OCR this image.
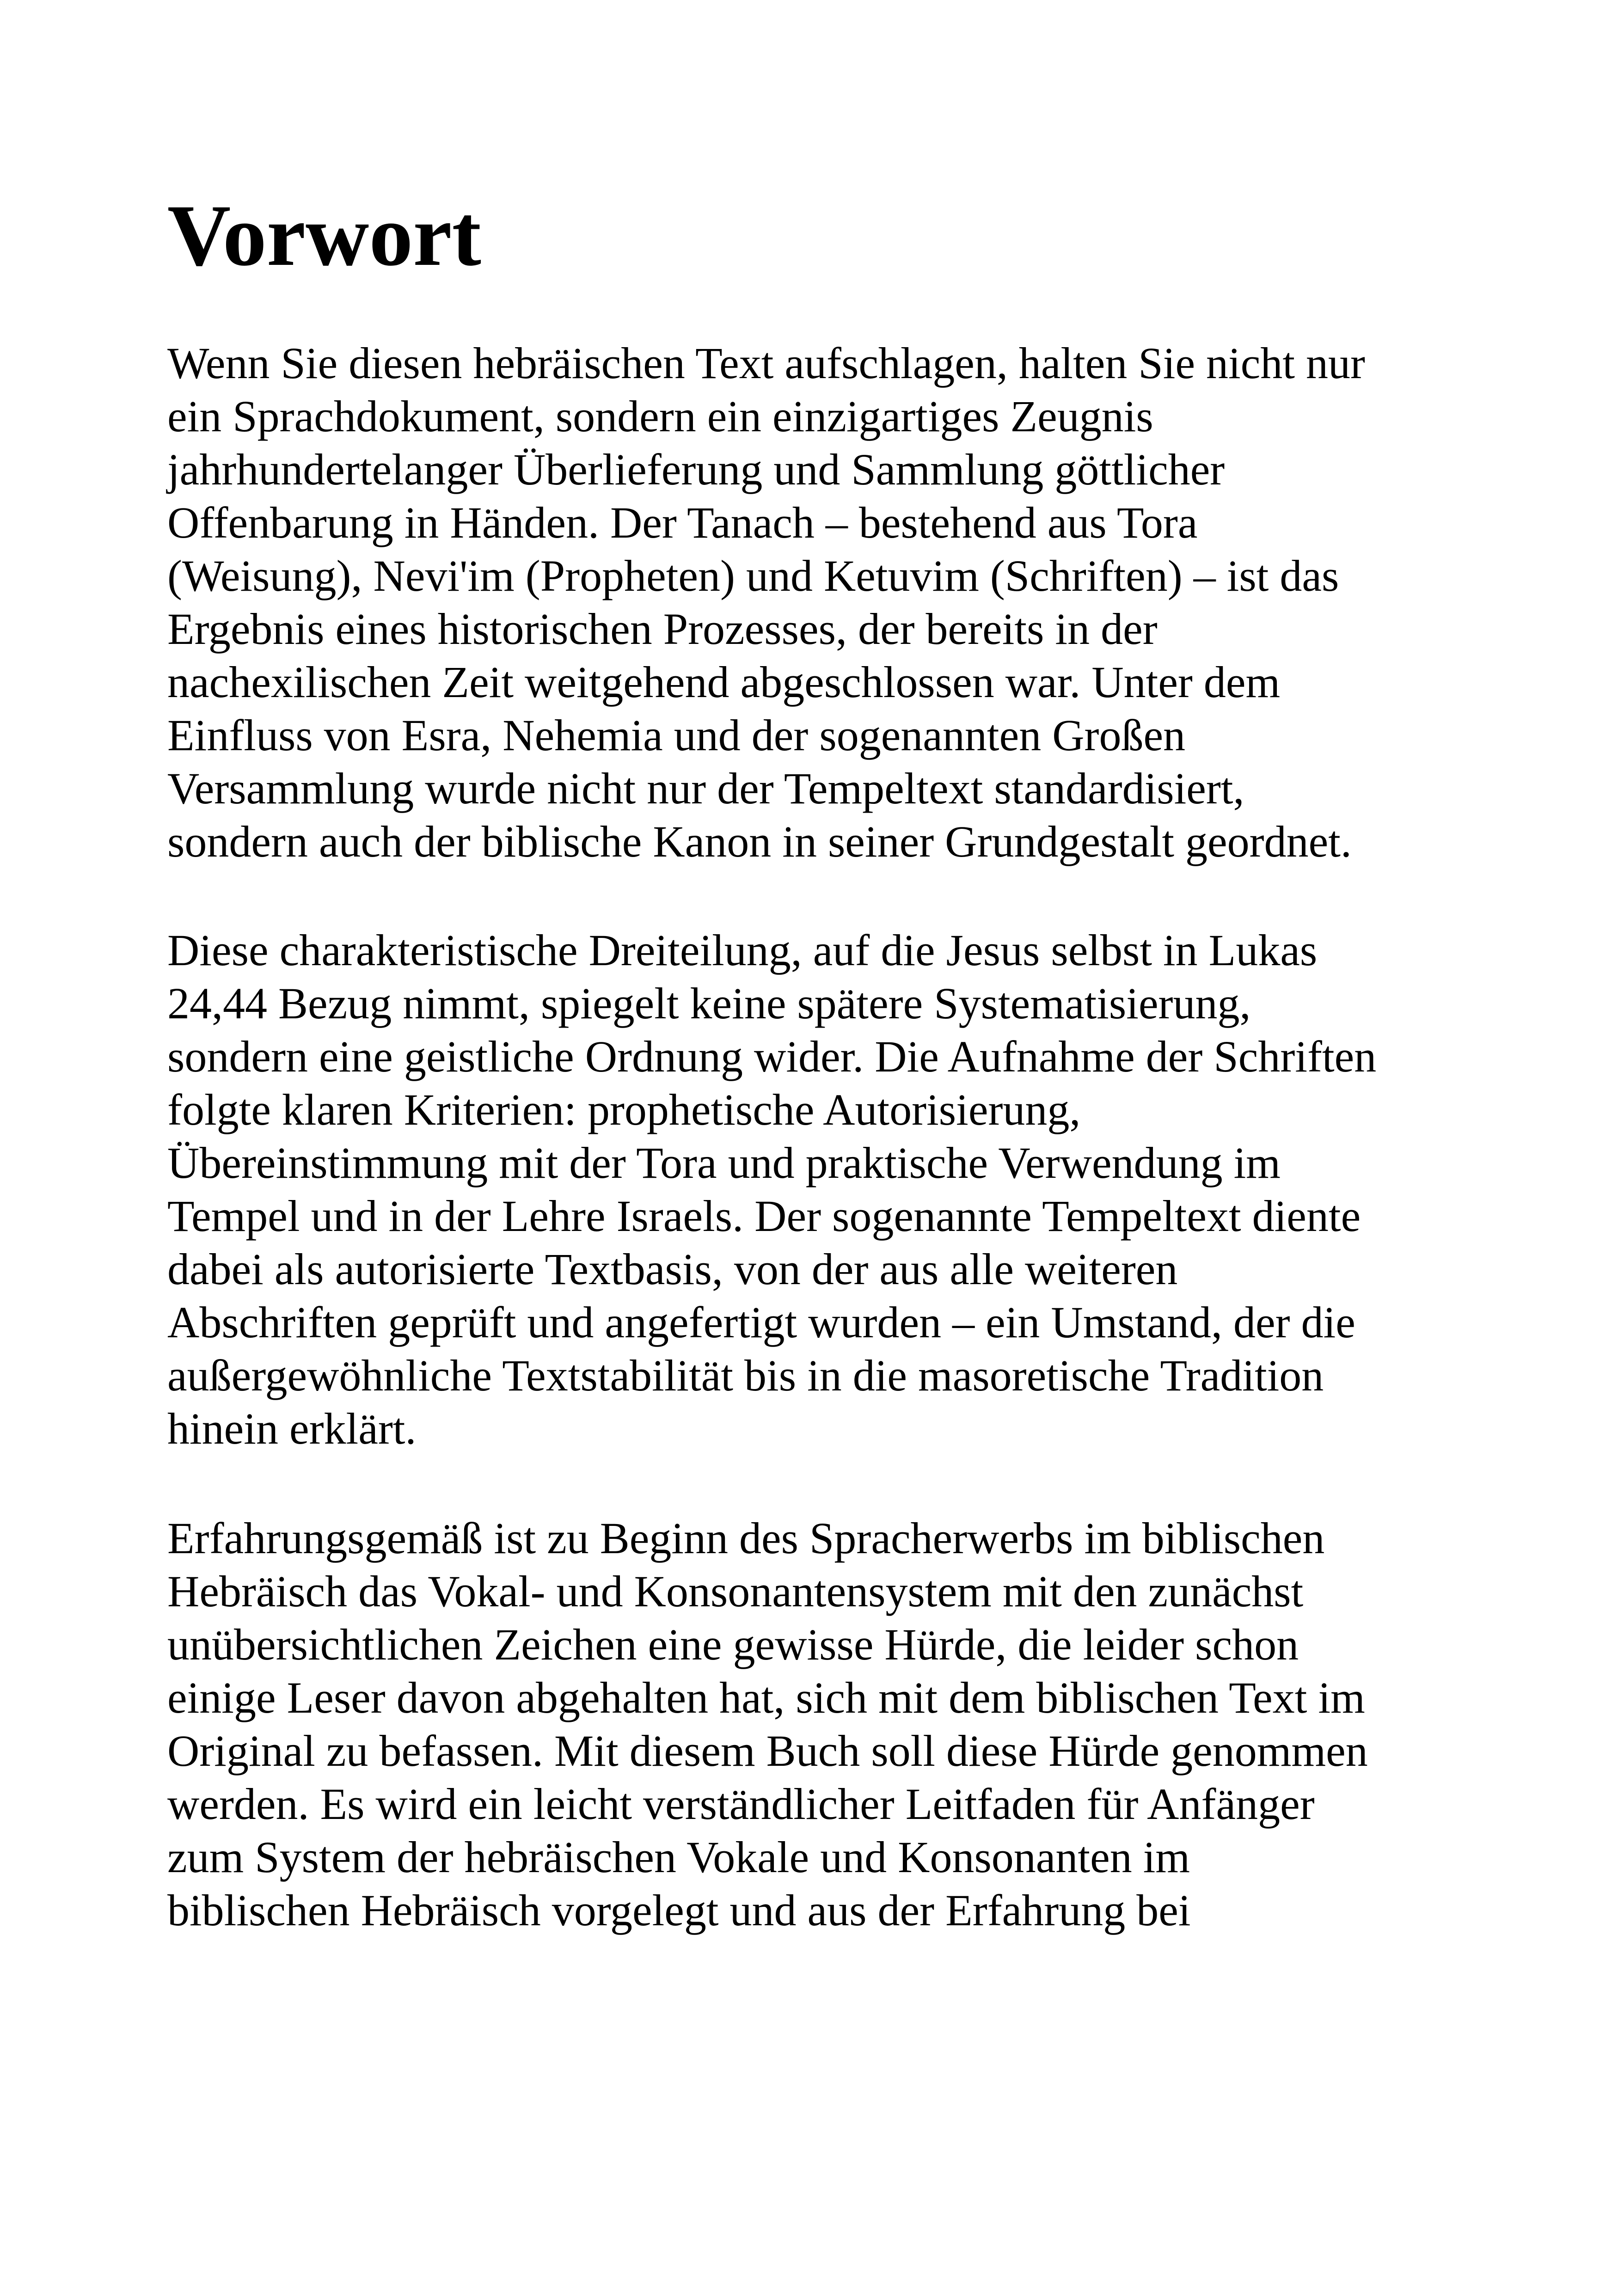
Vorwort

Wenn Sie diesen hebräischen Text aufschlagen, halten Sie nicht nur
ein Sprachdokument, sondern ein einzigartiges Zeugnis
jahrhundertelanger Überlieferung und Sammlung göttlicher
Offenbarung in Händen. Der Tanach – bestehend aus Tora
(Weisung), Nevi'im (Propheten) und Ketuvim (Schriften) – ist das
Ergebnis eines historischen Prozesses, der bereits in der
nachexilischen Zeit weitgehend abgeschlossen war. Unter dem
Einfluss von Esra, Nehemia und der sogenannten Großen
Versammlung wurde nicht nur der Tempeltext standardisiert,
sondern auch der biblische Kanon in seiner Grundgestalt geordnet.

Diese charakteristische Dreiteilung, auf die Jesus selbst in Lukas
24,44 Bezug nimmt, spiegelt keine spätere Systematisierung,
sondern eine geistliche Ordnung wider. Die Aufnahme der Schriften
folgte klaren Kriterien: prophetische Autorisierung,
Übereinstimmung mit der Tora und praktische Verwendung im
Tempel und in der Lehre Israels. Der sogenannte Tempeltext diente
dabei als autorisierte Textbasis, von der aus alle weiteren
Abschriften geprüft und angefertigt wurden – ein Umstand, der die
außergewöhnliche Textstabilität bis in die masoretische Tradition
hinein erklärt.

Erfahrungsgemäß ist zu Beginn des Spracherwerbs im biblischen
Hebräisch das Vokal- und Konsonantensystem mit den zunächst
unübersichtlichen Zeichen eine gewisse Hürde, die leider schon
einige Leser davon abgehalten hat, sich mit dem biblischen Text im
Original zu befassen. Mit diesem Buch soll diese Hürde genommen
werden. Es wird ein leicht verständlicher Leitfaden für Anfänger
zum System der hebräischen Vokale und Konsonanten im
biblischen Hebräisch vorgelegt und aus der Erfahrung bei
